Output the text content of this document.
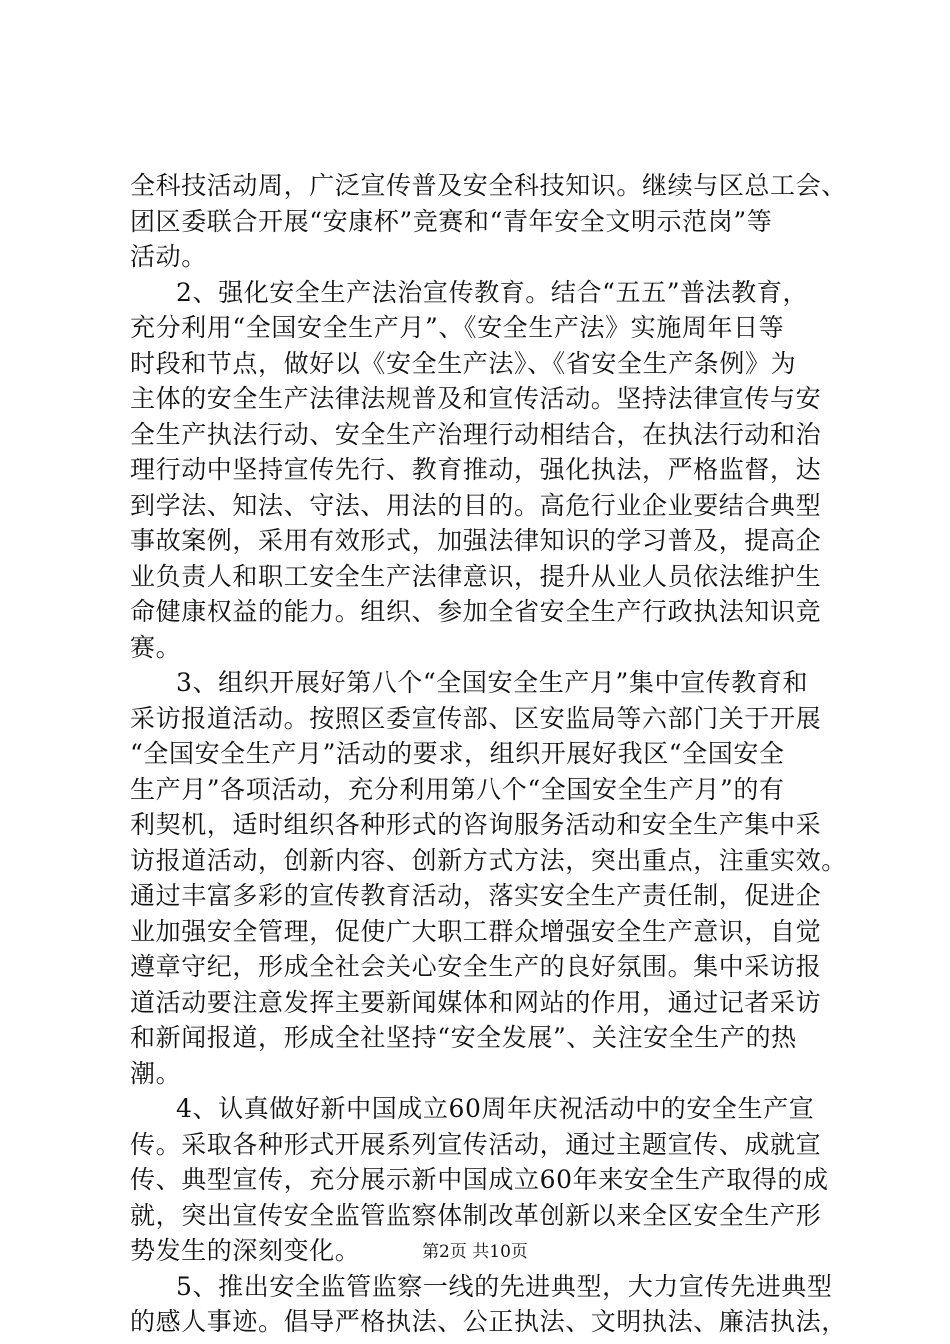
全科技活动周，广泛宣传普及安全科技知识。继续与区总工会、
团区委联合开展“安康杯”竞赛和“青年安全文明示范岗”等
活动。
2、强化安全生产法治宣传教育。结合“五五”普法教育，
充分利用“全国安全生产月”、《安全生产法》实施周年日等
时段和节点，做好以《安全生产法》、《省安全生产条例》为
主体的安全生产法律法规普及和宣传活动。坚持法律宣传与安
全生产执法行动、安全生产治理行动相结合，在执法行动和治
理行动中坚持宣传先行、教育推动，强化执法，严格监督，达
到学法、知法、守法、用法的目的。高危行业企业要结合典型
事故案例，采用有效形式，加强法律知识的学习普及，提高企
业负责人和职工安全生产法律意识，提升从业人员依法维护生
命健康权益的能力。组织、参加全省安全生产行政执法知识竞
赛。
3、组织开展好第八个“全国安全生产月”集中宣传教育和
采访报道活动。按照区委宣传部、区安监局等六部门关于开展
“全国安全生产月”活动的要求，组织开展好我区“全国安全
生产月”各项活动，充分利用第八个“全国安全生产月”的有
利契机，适时组织各种形式的咨询服务活动和安全生产集中采
访报道活动，创新内容、创新方式方法，突出重点，注重实效。
通过丰富多彩的宣传教育活动，落实安全生产责任制，促进企
业加强安全管理，促使广大职工群众增强安全生产意识，自觉
遵章守纪，形成全社会关心安全生产的良好氛围。集中采访报
道活动要注意发挥主要新闻媒体和网站的作用，通过记者采访
和新闻报道，形成全社坚持“安全发展”、关注安全生产的热
潮。
4、认真做好新中国成立60周年庆祝活动中的安全生产宣
传。采取各种形式开展系列宣传活动，通过主题宣传、成就宣
传、典型宣传，充分展示新中国成立60年来安全生产取得的成
就，突出宣传安全监管监察体制改革创新以来全区安全生产形
势发生的深刻变化。
5、推出安全监管监察一线的先进典型，大力宣传先进典型
的感人事迹。倡导严格执法、公正执法、文明执法、廉洁执法，
第2页 共10页
